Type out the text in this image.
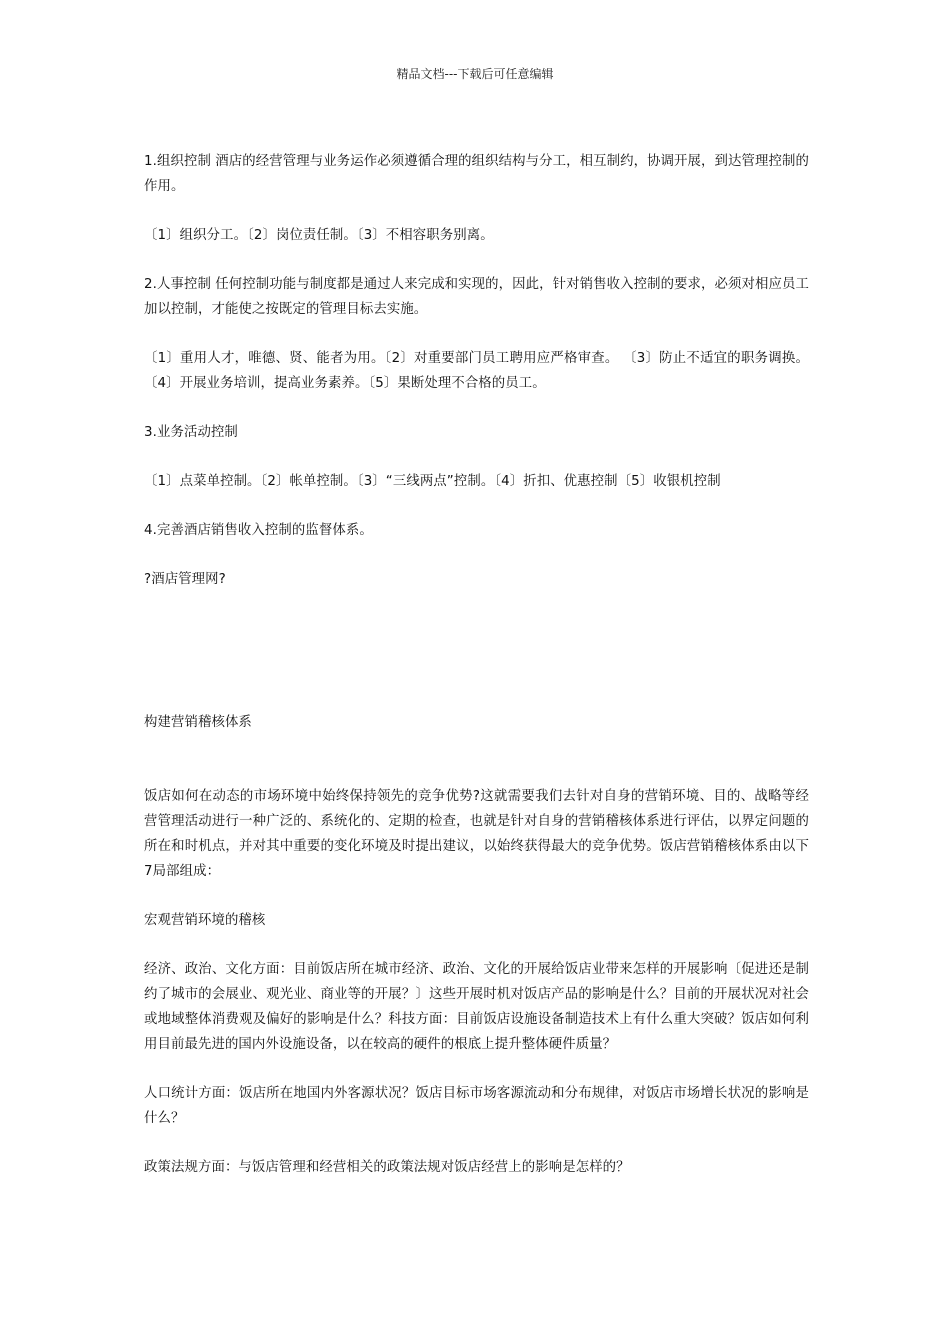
精品文档---下载后可任意编辑

1.组织控制 酒店的经营管理与业务运作必须遵循合理的组织结构与分工，相互制约，协调开展，到达管理控制的作用。

〔1〕组织分工。〔2〕岗位责任制。〔3〕不相容职务别离。

2.人事控制 任何控制功能与制度都是通过人来完成和实现的，因此，针对销售收入控制的要求，必须对相应员工加以控制，才能使之按既定的管理目标去实施。

〔1〕重用人才，唯德、贤、能者为用。〔2〕对重要部门员工聘用应严格审查。 〔3〕防止不适宜的职务调换。〔4〕开展业务培训，提高业务素养。〔5〕果断处理不合格的员工。

3.业务活动控制

〔1〕点菜单控制。〔2〕帐单控制。〔3〕“三线两点”控制。〔4〕折扣、优惠控制〔5〕收银机控制

4.完善酒店销售收入控制的监督体系。

?酒店管理网?

构建营销稽核体系

饭店如何在动态的市场环境中始终保持领先的竞争优势?这就需要我们去针对自身的营销环境、目的、战略等经营管理活动进行一种广泛的、系统化的、定期的检查，也就是针对自身的营销稽核体系进行评估，以界定问题的所在和时机点，并对其中重要的变化环境及时提出建议，以始终获得最大的竞争优势。饭店营销稽核体系由以下7局部组成：

宏观营销环境的稽核

经济、政治、文化方面：目前饭店所在城市经济、政治、文化的开展给饭店业带来怎样的开展影响〔促进还是制约了城市的会展业、观光业、商业等的开展？〕这些开展时机对饭店产品的影响是什么？目前的开展状况对社会或地域整体消费观及偏好的影响是什么？科技方面：目前饭店设施设备制造技术上有什么重大突破？饭店如何利用目前最先进的国内外设施设备，以在较高的硬件的根底上提升整体硬件质量？

人口统计方面：饭店所在地国内外客源状况？饭店目标市场客源流动和分布规律，对饭店市场增长状况的影响是什么？

政策法规方面：与饭店管理和经营相关的政策法规对饭店经营上的影响是怎样的？
